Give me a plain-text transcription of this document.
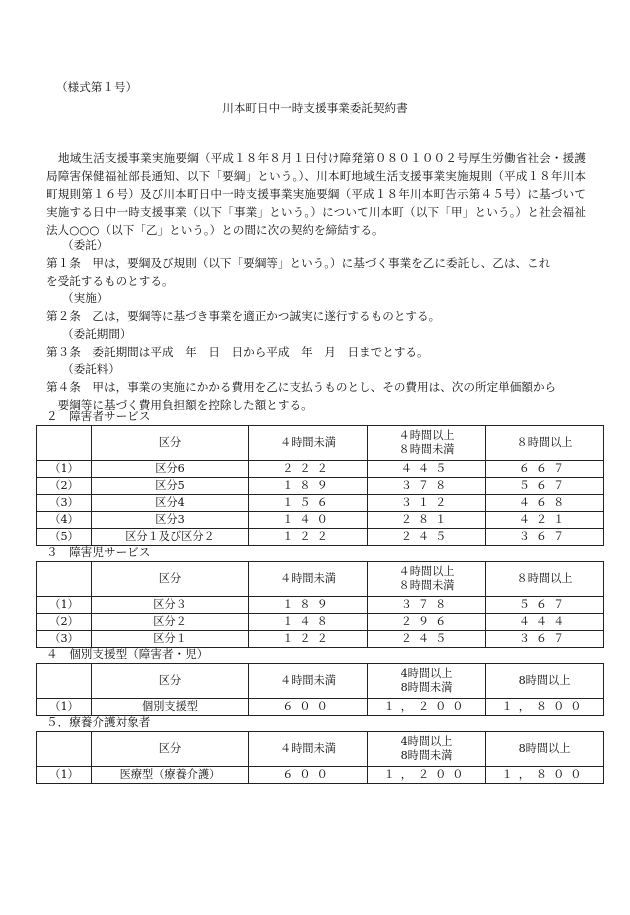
（様式第１号）
川本町日中一時支援事業委託契約書
地域生活支援事業実施要綱（平成１８年８月１日付け障発第０８０１００２号厚生労働省社会・援護局障害保健福祉部長通知、以下「要綱」という。）、川本町地域生活支援事業実施規則（平成１８年川本町規則第１６号）及び川本町日中一時支援事業実施要綱（平成１８年川本町告示第４５号）に基づいて実施する日中一時支援事業（以下「事業」という。）について川本町（以下「甲」という。）と社会福祉法人○○○（以下「乙」という。）との間に次の契約を締結する。
（委託）
第１条　甲は，要綱及び規則（以下「要綱等」という。）に基づく事業を乙に委託し、乙は、これ
を受託するものとする。
（実施）
第２条　乙は，要綱等に基づき事業を適正かつ誠実に遂行するものとする。
（委託期間）
第３条　委託期間は平成　年　日　日から平成　年　月　日までとする。
（委託料）
第４条　甲は，事業の実施にかかる費用を乙に支払うものとし、その費用は、次の所定単価額から
　要綱等に基づく費用負担額を控除した額とする。
２　障害者サービス
	区分	４時間未満	４時間以上
８時間未満	８時間以上
（1）	区分6	２２２	４４５	６６７
（2）	区分5	１８９	３７８	５６７
（3）	区分4	１５６	３１２	４６８
（4）	区分3	１４０	２８１	４２１
（5）	区分１及び区分２	１２２	２４５	３６７
３　障害児サービス
	区分	４時間未満	４時間以上
８時間未満	８時間以上
（1）	区分３	１８９	３７８	５６７
（2）	区分２	１４８	２９６	４４４
（3）	区分１	１２２	２４５	３６７
４　個別支援型（障害者・児）
	区分	４時間未満	4時間以上
8時間未満	8時間以上
（1）	個別支援型	６００	１，２００	１，８００
５．療養介護対象者
	区分	４時間未満	4時間以上
8時間未満	8時間以上
（1）	医療型（療養介護）	６００	１，２００	１，８００
